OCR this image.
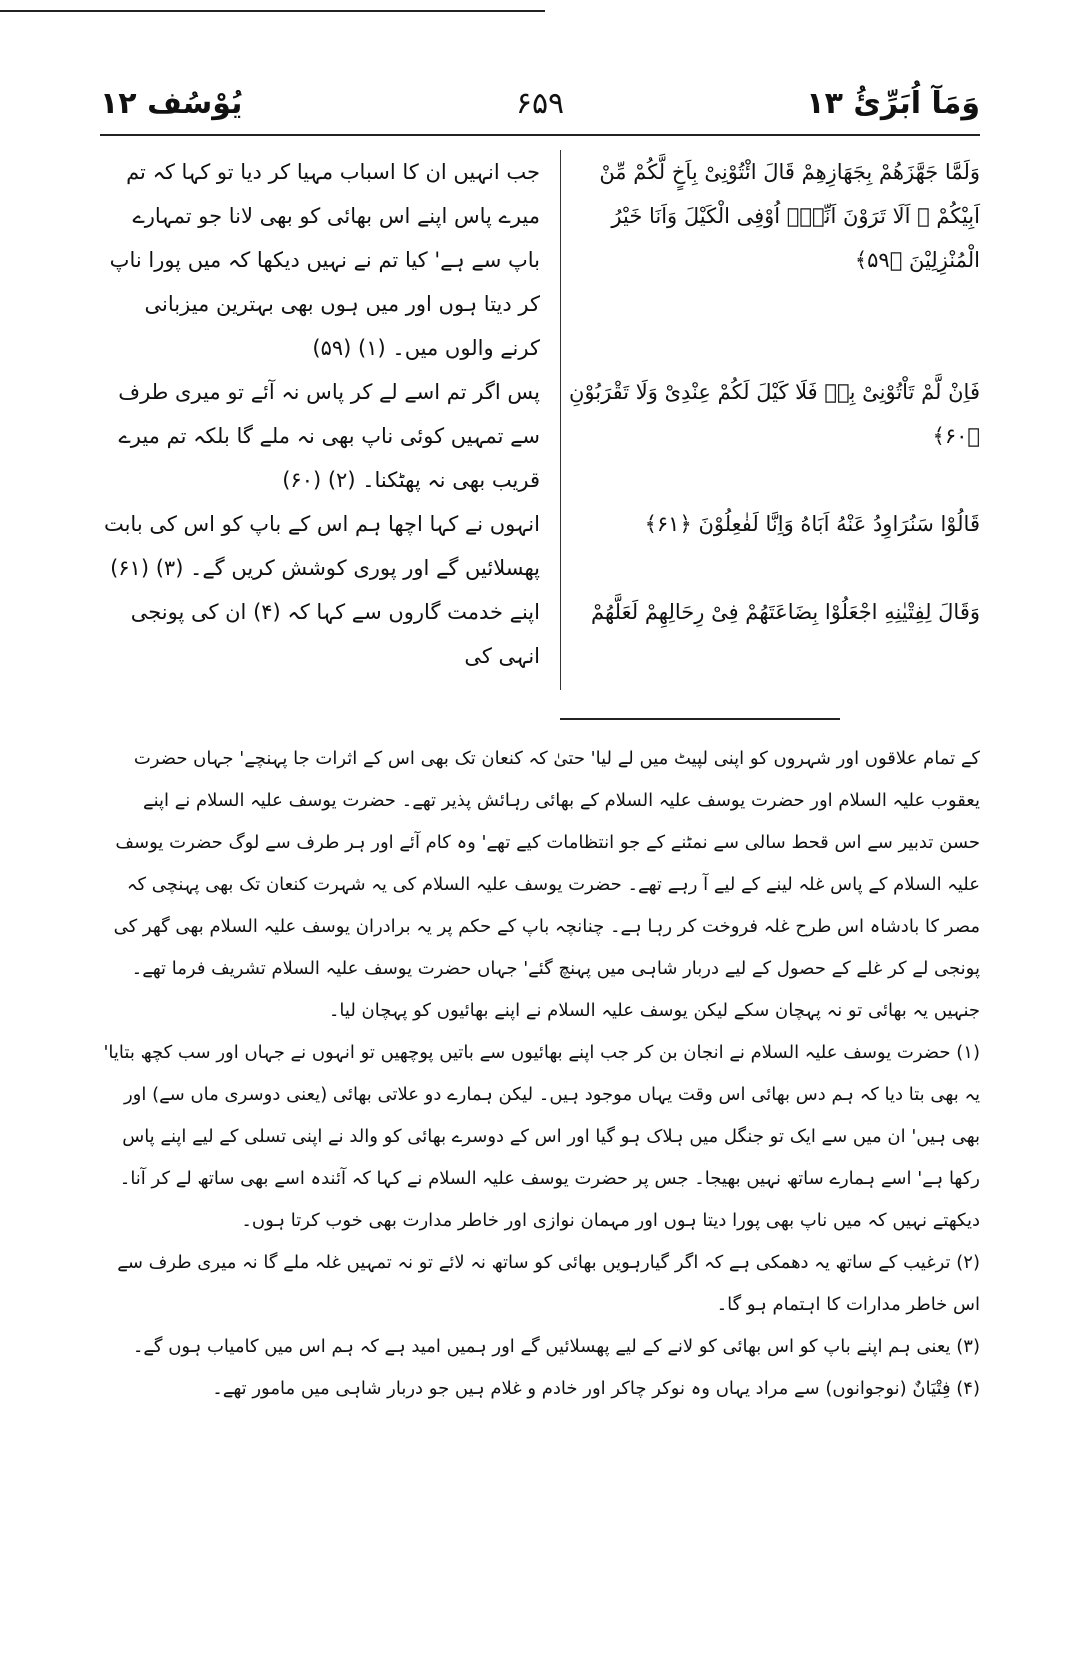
وَمَآ اُبَرِّئُ ۱۳
۶۵۹
یُوْسُف ۱۲
وَلَمَّا جَهَّزَهُمْ بِجَهَازِهِمْ قَالَ ائْتُوْنِیْ بِاَخٍ لَّكُمْ مِّنْ اَبِیْكُمْ ۚ اَلَا تَرَوْنَ اَنِّیْۤ اُوْفِی الْكَیْلَ وَاَنَا خَیْرُ الْمُنْزِلِیْنَ ﴿۵۹﴾
فَاِنْ لَّمْ تَاْتُوْنِیْ بِهٖ فَلَا كَیْلَ لَكُمْ عِنْدِیْ وَلَا تَقْرَبُوْنِ ﴿۶۰﴾
قَالُوْا سَنُرَاوِدُ عَنْهُ اَبَاهُ وَاِنَّا لَفٰعِلُوْنَ ﴿۶۱﴾
وَقَالَ لِفِتْیٰنِهِ اجْعَلُوْا بِضَاعَتَهُمْ فِیْ رِحَالِهِمْ لَعَلَّهُمْ
جب انہیں ان کا اسباب مہیا کر دیا تو کہا کہ تم میرے پاس اپنے اس بھائی کو بھی لانا جو تمہارے باپ سے ہے' کیا تم نے نہیں دیکھا کہ میں پورا ناپ کر دیتا ہوں اور میں ہوں بھی بہترین میزبانی کرنے والوں میں۔ (۱) (۵۹)
پس اگر تم اسے لے کر پاس نہ آئے تو میری طرف سے تمہیں کوئی ناپ بھی نہ ملے گا بلکہ تم میرے قریب بھی نہ پھٹکنا۔ (۲) (۶۰)
انہوں نے کہا اچھا ہم اس کے باپ کو اس کی بابت پھسلائیں گے اور پوری کوشش کریں گے۔ (۳) (۶۱)
اپنے خدمت گاروں سے کہا کہ (۴) ان کی پونجی انہی کی

کے تمام علاقوں اور شہروں کو اپنی لپیٹ میں لے لیا' حتیٰ کہ کنعان تک بھی اس کے اثرات جا پہنچے' جہاں حضرت یعقوب علیہ السلام اور حضرت یوسف علیہ السلام کے بھائی رہائش پذیر تھے۔ حضرت یوسف علیہ السلام نے اپنے حسن تدبیر سے اس قحط سالی سے نمٹنے کے جو انتظامات کیے تھے' وہ کام آئے اور ہر طرف سے لوگ حضرت یوسف علیہ السلام کے پاس غلہ لینے کے لیے آ رہے تھے۔ حضرت یوسف علیہ السلام کی یہ شہرت کنعان تک بھی پہنچی کہ مصر کا بادشاہ اس طرح غلہ فروخت کر رہا ہے۔ چنانچہ باپ کے حکم پر یہ برادران یوسف علیہ السلام بھی گھر کی پونجی لے کر غلے کے حصول کے لیے دربار شاہی میں پہنچ گئے' جہاں حضرت یوسف علیہ السلام تشریف فرما تھے۔ جنہیں یہ بھائی تو نہ پہچان سکے لیکن یوسف علیہ السلام نے اپنے بھائیوں کو پہچان لیا۔

(۱) حضرت یوسف علیہ السلام نے انجان بن کر جب اپنے بھائیوں سے باتیں پوچھیں تو انہوں نے جہاں اور سب کچھ بتایا' یہ بھی بتا دیا کہ ہم دس بھائی اس وقت یہاں موجود ہیں۔ لیکن ہمارے دو علاتی بھائی (یعنی دوسری ماں سے) اور بھی ہیں' ان میں سے ایک تو جنگل میں ہلاک ہو گیا اور اس کے دوسرے بھائی کو والد نے اپنی تسلی کے لیے اپنے پاس رکھا ہے' اسے ہمارے ساتھ نہیں بھیجا۔ جس پر حضرت یوسف علیہ السلام نے کہا کہ آئندہ اسے بھی ساتھ لے کر آنا۔ دیکھتے نہیں کہ میں ناپ بھی پورا دیتا ہوں اور مہمان نوازی اور خاطر مدارت بھی خوب کرتا ہوں۔

(۲) ترغیب کے ساتھ یہ دھمکی ہے کہ اگر گیارہویں بھائی کو ساتھ نہ لائے تو نہ تمہیں غلہ ملے گا نہ میری طرف سے اس خاطر مدارات کا اہتمام ہو گا۔

(۳) یعنی ہم اپنے باپ کو اس بھائی کو لانے کے لیے پھسلائیں گے اور ہمیں امید ہے کہ ہم اس میں کامیاب ہوں گے۔

(۴) فِتْیَانٌ (نوجوانوں) سے مراد یہاں وہ نوکر چاکر اور خادم و غلام ہیں جو دربار شاہی میں مامور تھے۔
